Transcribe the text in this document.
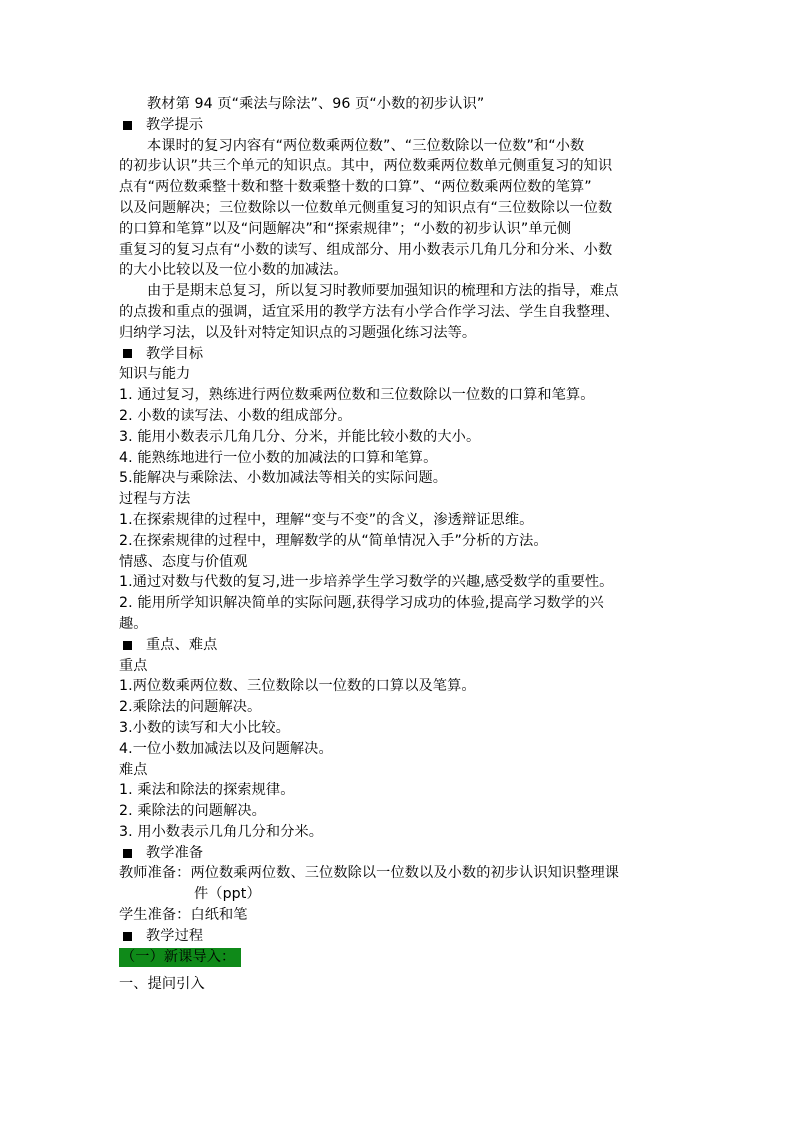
教材第 94 页“乘法与除法”、96 页“小数的初步认识”
教学提示
本课时的复习内容有“两位数乘两位数”、“三位数除以一位数”和“小数
的初步认识”共三个单元的知识点。其中，两位数乘两位数单元侧重复习的知识
点有“两位数乘整十数和整十数乘整十数的口算”、“两位数乘两位数的笔算”
以及问题解决；三位数除以一位数单元侧重复习的知识点有“三位数除以一位数
的口算和笔算”以及“问题解决”和“探索规律”；“小数的初步认识”单元侧
重复习的复习点有“小数的读写、组成部分、用小数表示几角几分和分米、小数
的大小比较以及一位小数的加减法。
由于是期末总复习，所以复习时教师要加强知识的梳理和方法的指导，难点
的点拨和重点的强调，适宜采用的教学方法有小学合作学习法、学生自我整理、
归纳学习法，以及针对特定知识点的习题强化练习法等。
教学目标
知识与能力
1. 通过复习，熟练进行两位数乘两位数和三位数除以一位数的口算和笔算。
2. 小数的读写法、小数的组成部分。
3. 能用小数表示几角几分、分米，并能比较小数的大小。
4. 能熟练地进行一位小数的加减法的口算和笔算。
5.能解决与乘除法、小数加减法等相关的实际问题。
过程与方法
1.在探索规律的过程中，理解“变与不变”的含义，渗透辩证思维。
2.在探索规律的过程中，理解数学的从“简单情况入手”分析的方法。
情感、态度与价值观
1.通过对数与代数的复习,进一步培养学生学习数学的兴趣,感受数学的重要性。
2. 能用所学知识解决简单的实际问题,获得学习成功的体验,提高学习数学的兴
趣。
重点、难点
重点
1.两位数乘两位数、三位数除以一位数的口算以及笔算。
2.乘除法的问题解决。
3.小数的读写和大小比较。
4.一位小数加减法以及问题解决。
难点
1. 乘法和除法的探索规律。
2. 乘除法的问题解决。
3. 用小数表示几角几分和分米。
教学准备
教师准备：两位数乘两位数、三位数除以一位数以及小数的初步认识知识整理课
件（ppt）
学生准备：白纸和笔
教学过程
（一）新课导入：
一、提问引入
